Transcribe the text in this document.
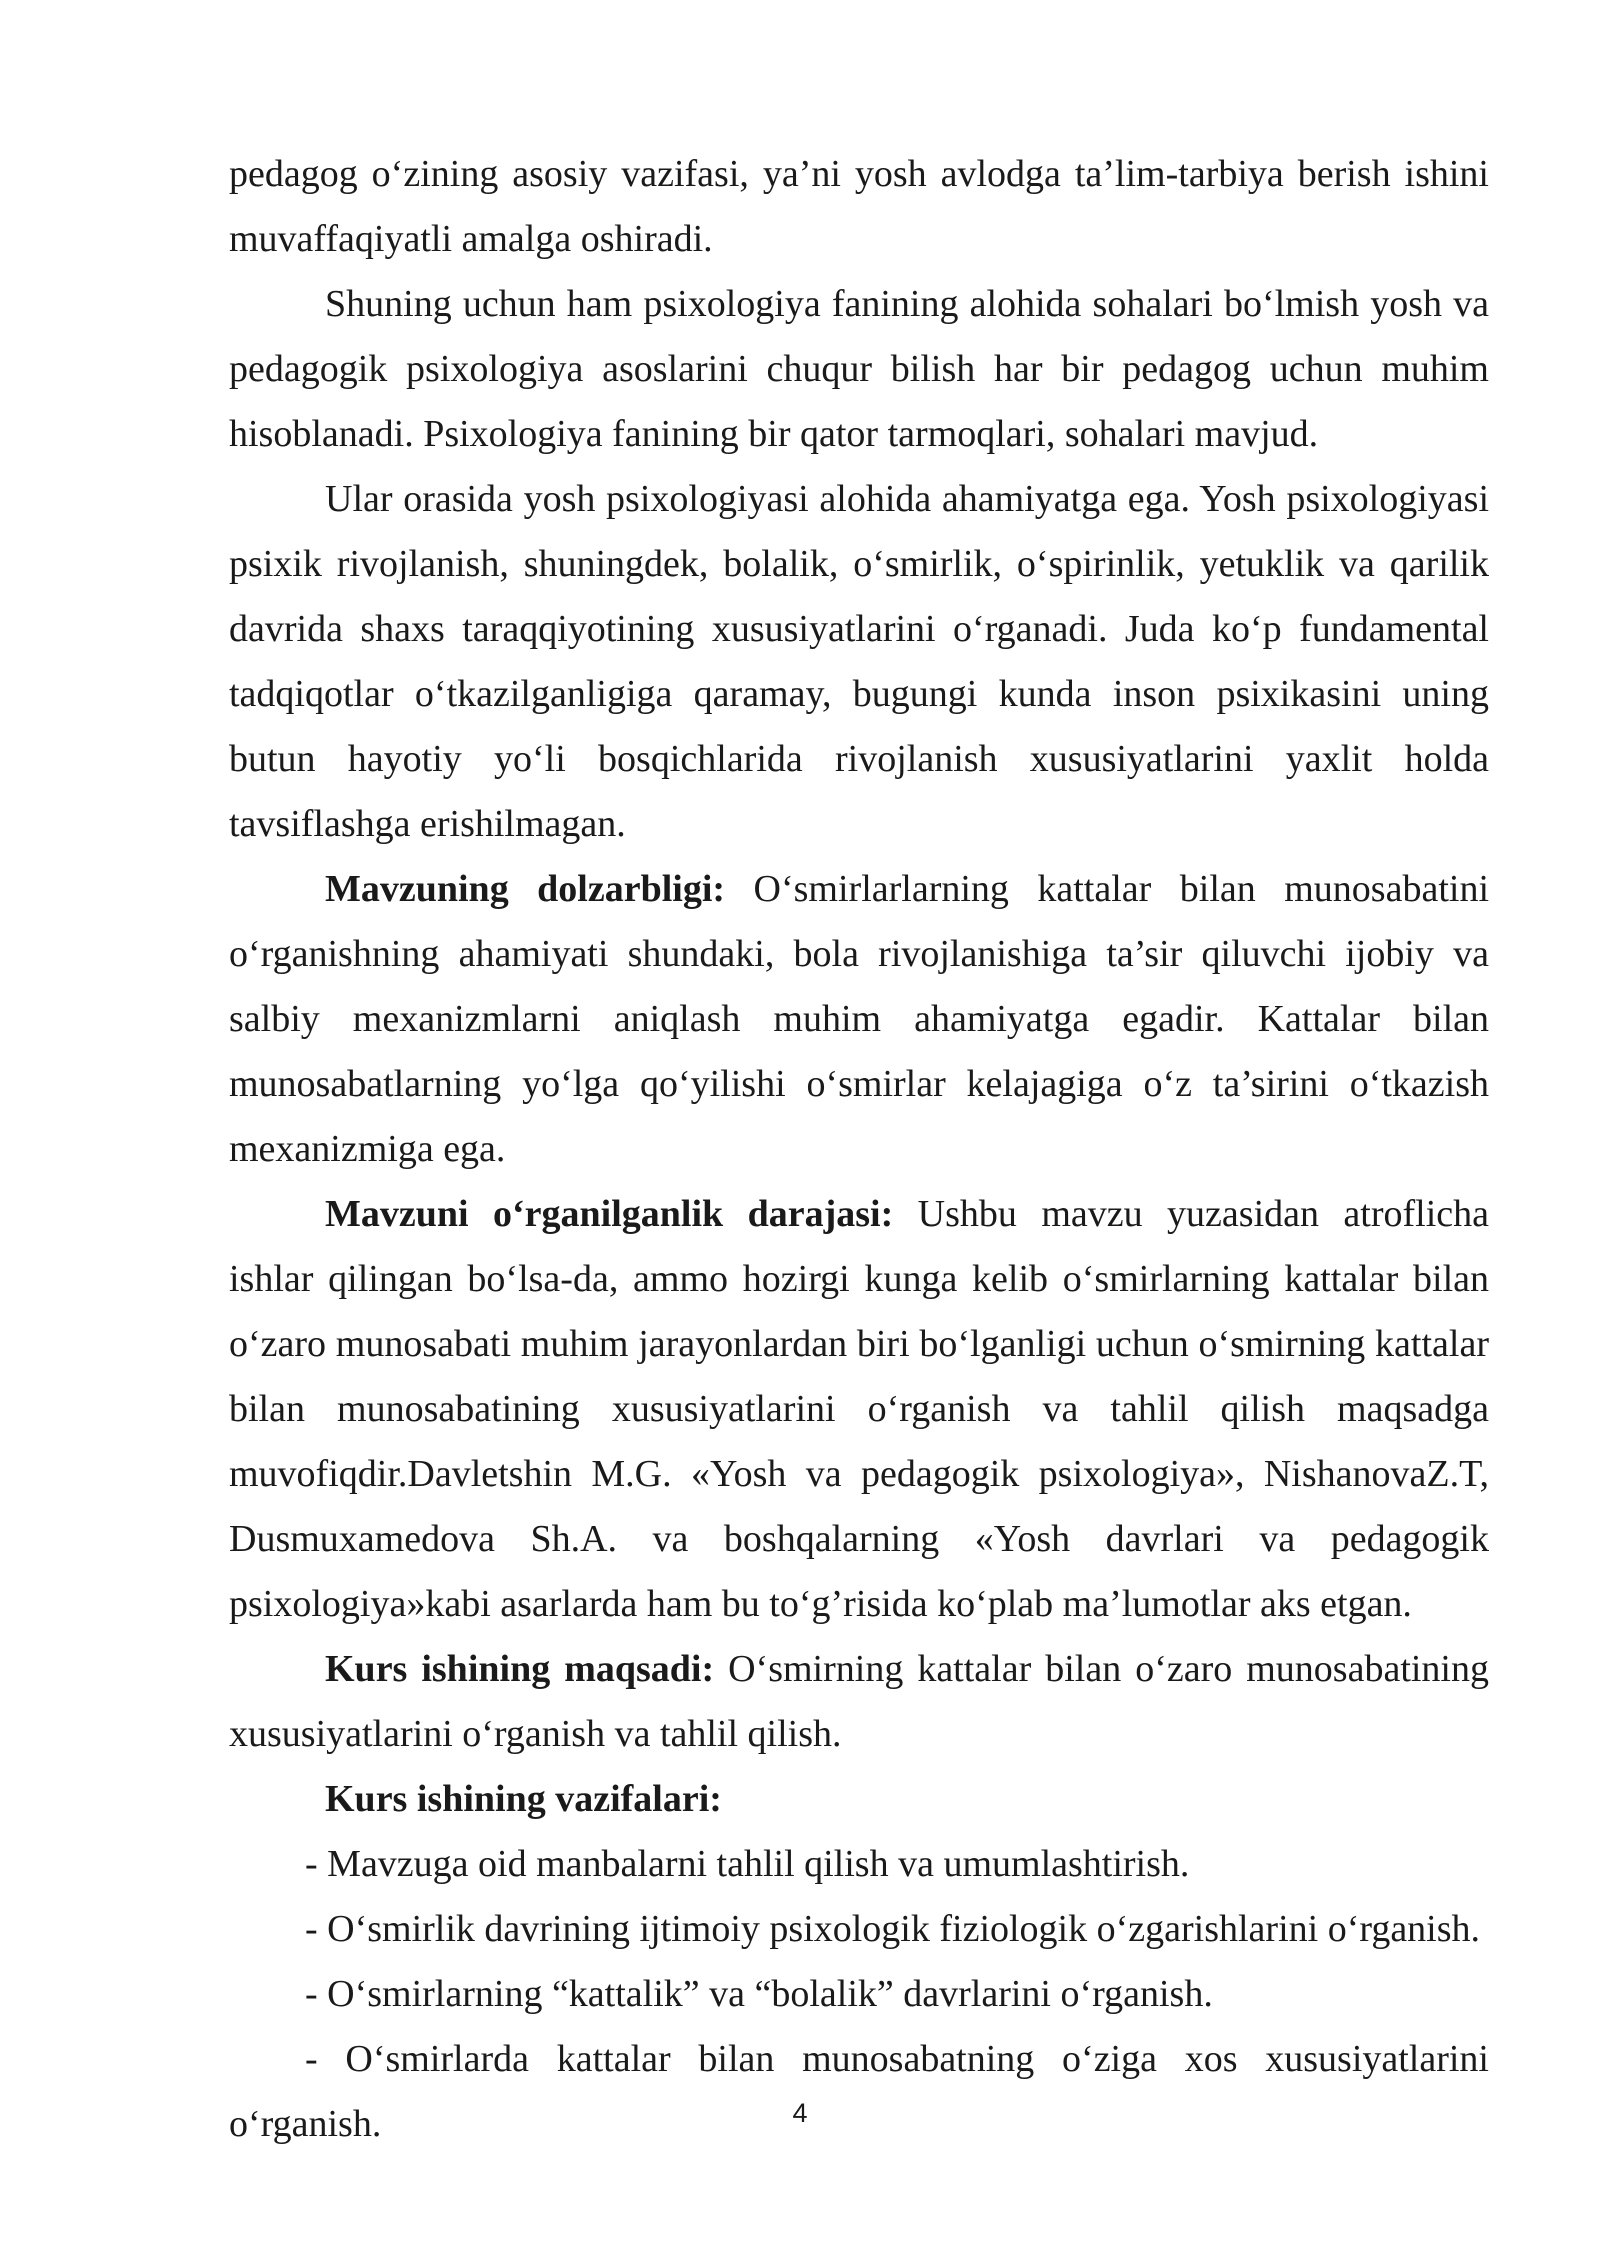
pedagog o‘zining asosiy vazifasi, ya’ni yosh avlodga ta’lim-tarbiya berish ishini muvaffaqiyatli amalga oshiradi.

Shuning uchun ham psixologiya fanining alohida sohalari bo‘lmish yosh va pedagogik psixologiya asoslarini chuqur bilish har bir pedagog uchun muhim hisoblanadi. Psixologiya fanining bir qator tarmoqlari, sohalari mavjud.

Ular orasida yosh psixologiyasi alohida ahamiyatga ega. Yosh psixologiyasi psixik rivojlanish, shuningdek, bolalik, o‘smirlik, o‘spirinlik, yetuklik va qarilik davrida shaxs taraqqiyotining xususiyatlarini o‘rganadi. Juda ko‘p fundamental tadqiqotlar o‘tkazilganligiga qaramay, bugungi kunda inson psixikasini uning butun hayotiy yo‘li bosqichlarida rivojlanish xususiyatlarini yaxlit holda tavsiflashga erishilmagan.

Mavzuning dolzarbligi: O‘smirlarlarning kattalar bilan munosabatini o‘rganishning ahamiyati shundaki, bola rivojlanishiga ta’sir qiluvchi ijobiy va salbiy mexanizmlarni aniqlash muhim ahamiyatga egadir. Kattalar bilan munosabatlarning yo‘lga qo‘yilishi o‘smirlar kelajagiga o‘z ta’sirini o‘tkazish mexanizmiga ega.

Mavzuni o‘rganilganlik darajasi: Ushbu mavzu yuzasidan atroflicha ishlar qilingan bo‘lsa-da, ammo hozirgi kunga kelib o‘smirlarning kattalar bilan o‘zaro munosabati muhim jarayonlardan biri bo‘lganligi uchun o‘smirning kattalar bilan munosabatining xususiyatlarini o‘rganish va tahlil qilish maqsadga muvofiqdir.Davletshin M.G. «Yosh va pedagogik psixologiya», NishanovaZ.T, Dusmuxamedova Sh.A. va boshqalarning «Yosh davrlari va pedagogik psixologiya»kabi asarlarda ham bu to‘g’risida ko‘plab ma’lumotlar aks etgan.

Kurs ishining maqsadi: O‘smirning kattalar bilan o‘zaro munosabatining xususiyatlarini o‘rganish va tahlil qilish.

Kurs ishining vazifalari:

- Mavzuga oid manbalarni tahlil qilish va umumlashtirish.

- O‘smirlik davrining ijtimoiy psixologik fiziologik o‘zgarishlarini o‘rganish.

- O‘smirlarning “kattalik” va “bolalik” davrlarini o‘rganish.

- O‘smirlarda kattalar bilan munosabatning o‘ziga xos xususiyatlarini o‘rganish.	4
